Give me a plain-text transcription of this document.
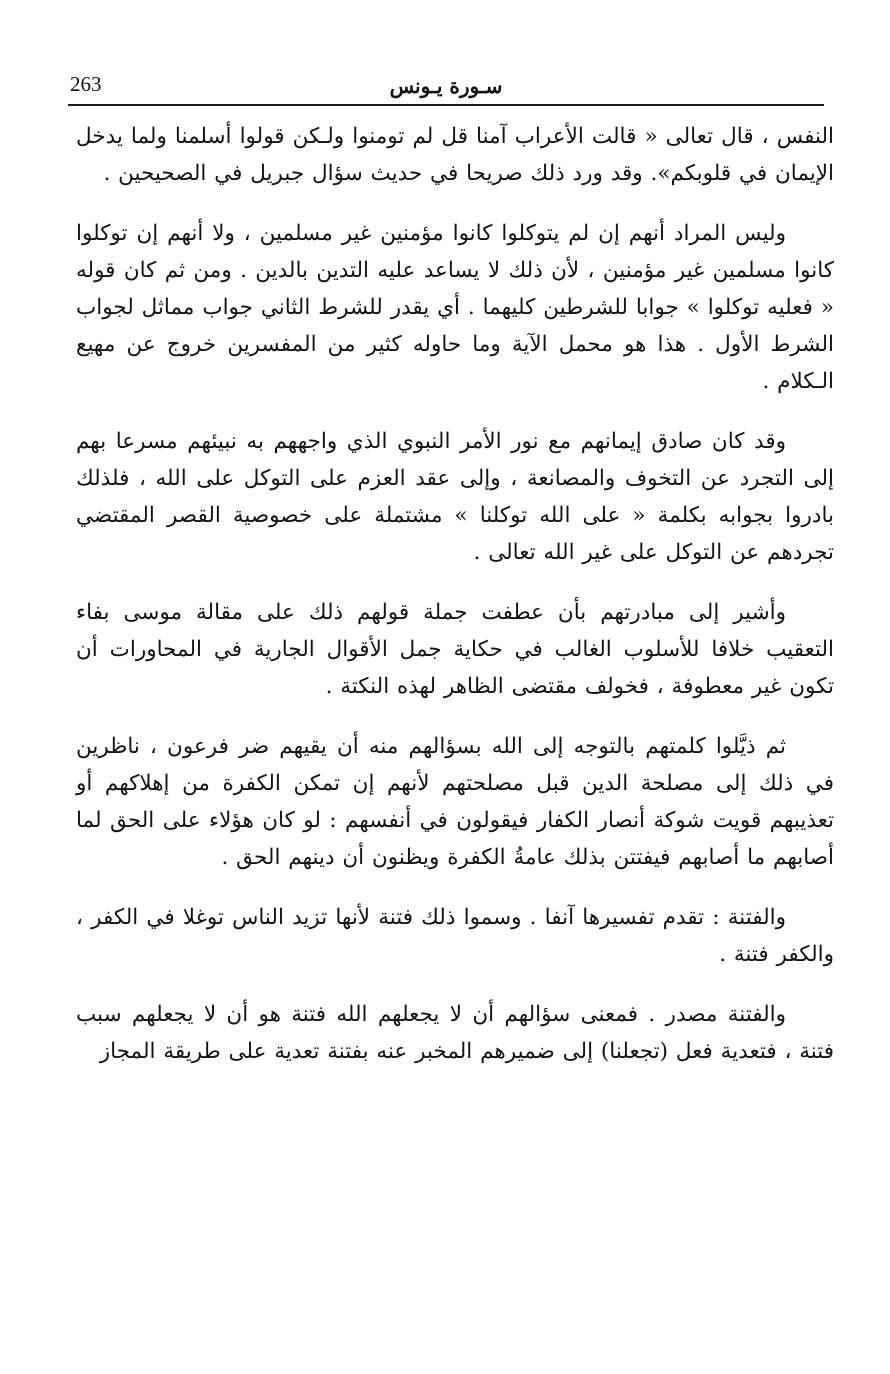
263	سـورة يـونس

النفس ، قال تعالى « قالت الأعراب آمنا قل لم تومنوا ولـكن قولوا أسلمنا ولما يدخل الإيمان في قلوبكم». وقد ورد ذلك صريحا في حديث سؤال جبريل في الصحيحين .

وليس المراد أنهم إن لم يتوكلوا كانوا مؤمنين غير مسلمين ، ولا أنهم إن توكلوا كانوا مسلمين غير مؤمنين ، لأن ذلك لا يساعد عليه التدين بالدين . ومن ثم كان قوله « فعليه توكلوا » جوابا للشرطين كليهما . أي يقدر للشرط الثاني جواب مماثل لجواب الشرط الأول . هذا هو محمل الآية وما حاوله كثير من المفسرين خروج عن مهيع الـكلام .

وقد كان صادق إيمانهم مع نور الأمر النبوي الذي واجههم به نبيئهم مسرعا بهم إلى التجرد عن التخوف والمصانعة ، وإلى عقد العزم على التوكل على الله ، فلذلك بادروا بجوابه بكلمة « على الله توكلنا » مشتملة على خصوصية القصر المقتضي تجردهم عن التوكل على غير الله تعالى .

وأشير إلى مبادرتهم بأن عطفت جملة قولهم ذلك على مقالة موسى بفاء التعقيب خلافا للأسلوب الغالب في حكاية جمل الأقوال الجارية في المحاورات أن تكون غير معطوفة ، فخولف مقتضى الظاهر لهذه النكتة .

ثم ذيَّلوا كلمتهم بالتوجه إلى الله بسؤالهم منه أن يقيهم ضر فرعون ، ناظرين في ذلك إلى مصلحة الدين قبل مصلحتهم لأنهم إن تمكن الكفرة من إهلاكهم أو تعذيبهم قويت شوكة أنصار الكفار فيقولون في أنفسهم : لو كان هؤلاء على الحق لما أصابهم ما أصابهم فيفتتن بذلك عامةُ الكفرة ويظنون أن دينهم الحق .

والفتنة : تقدم تفسيرها آنفا . وسموا ذلك فتنة لأنها تزيد الناس توغلا في الكفر ، والكفر فتنة .

والفتنة مصدر . فمعنى سؤالهم أن لا يجعلهم الله فتنة هو أن لا يجعلهم سبب فتنة ، فتعدية فعل (تجعلنا) إلى ضميرهم المخبر عنه بفتنة تعدية على طريقة المجاز
